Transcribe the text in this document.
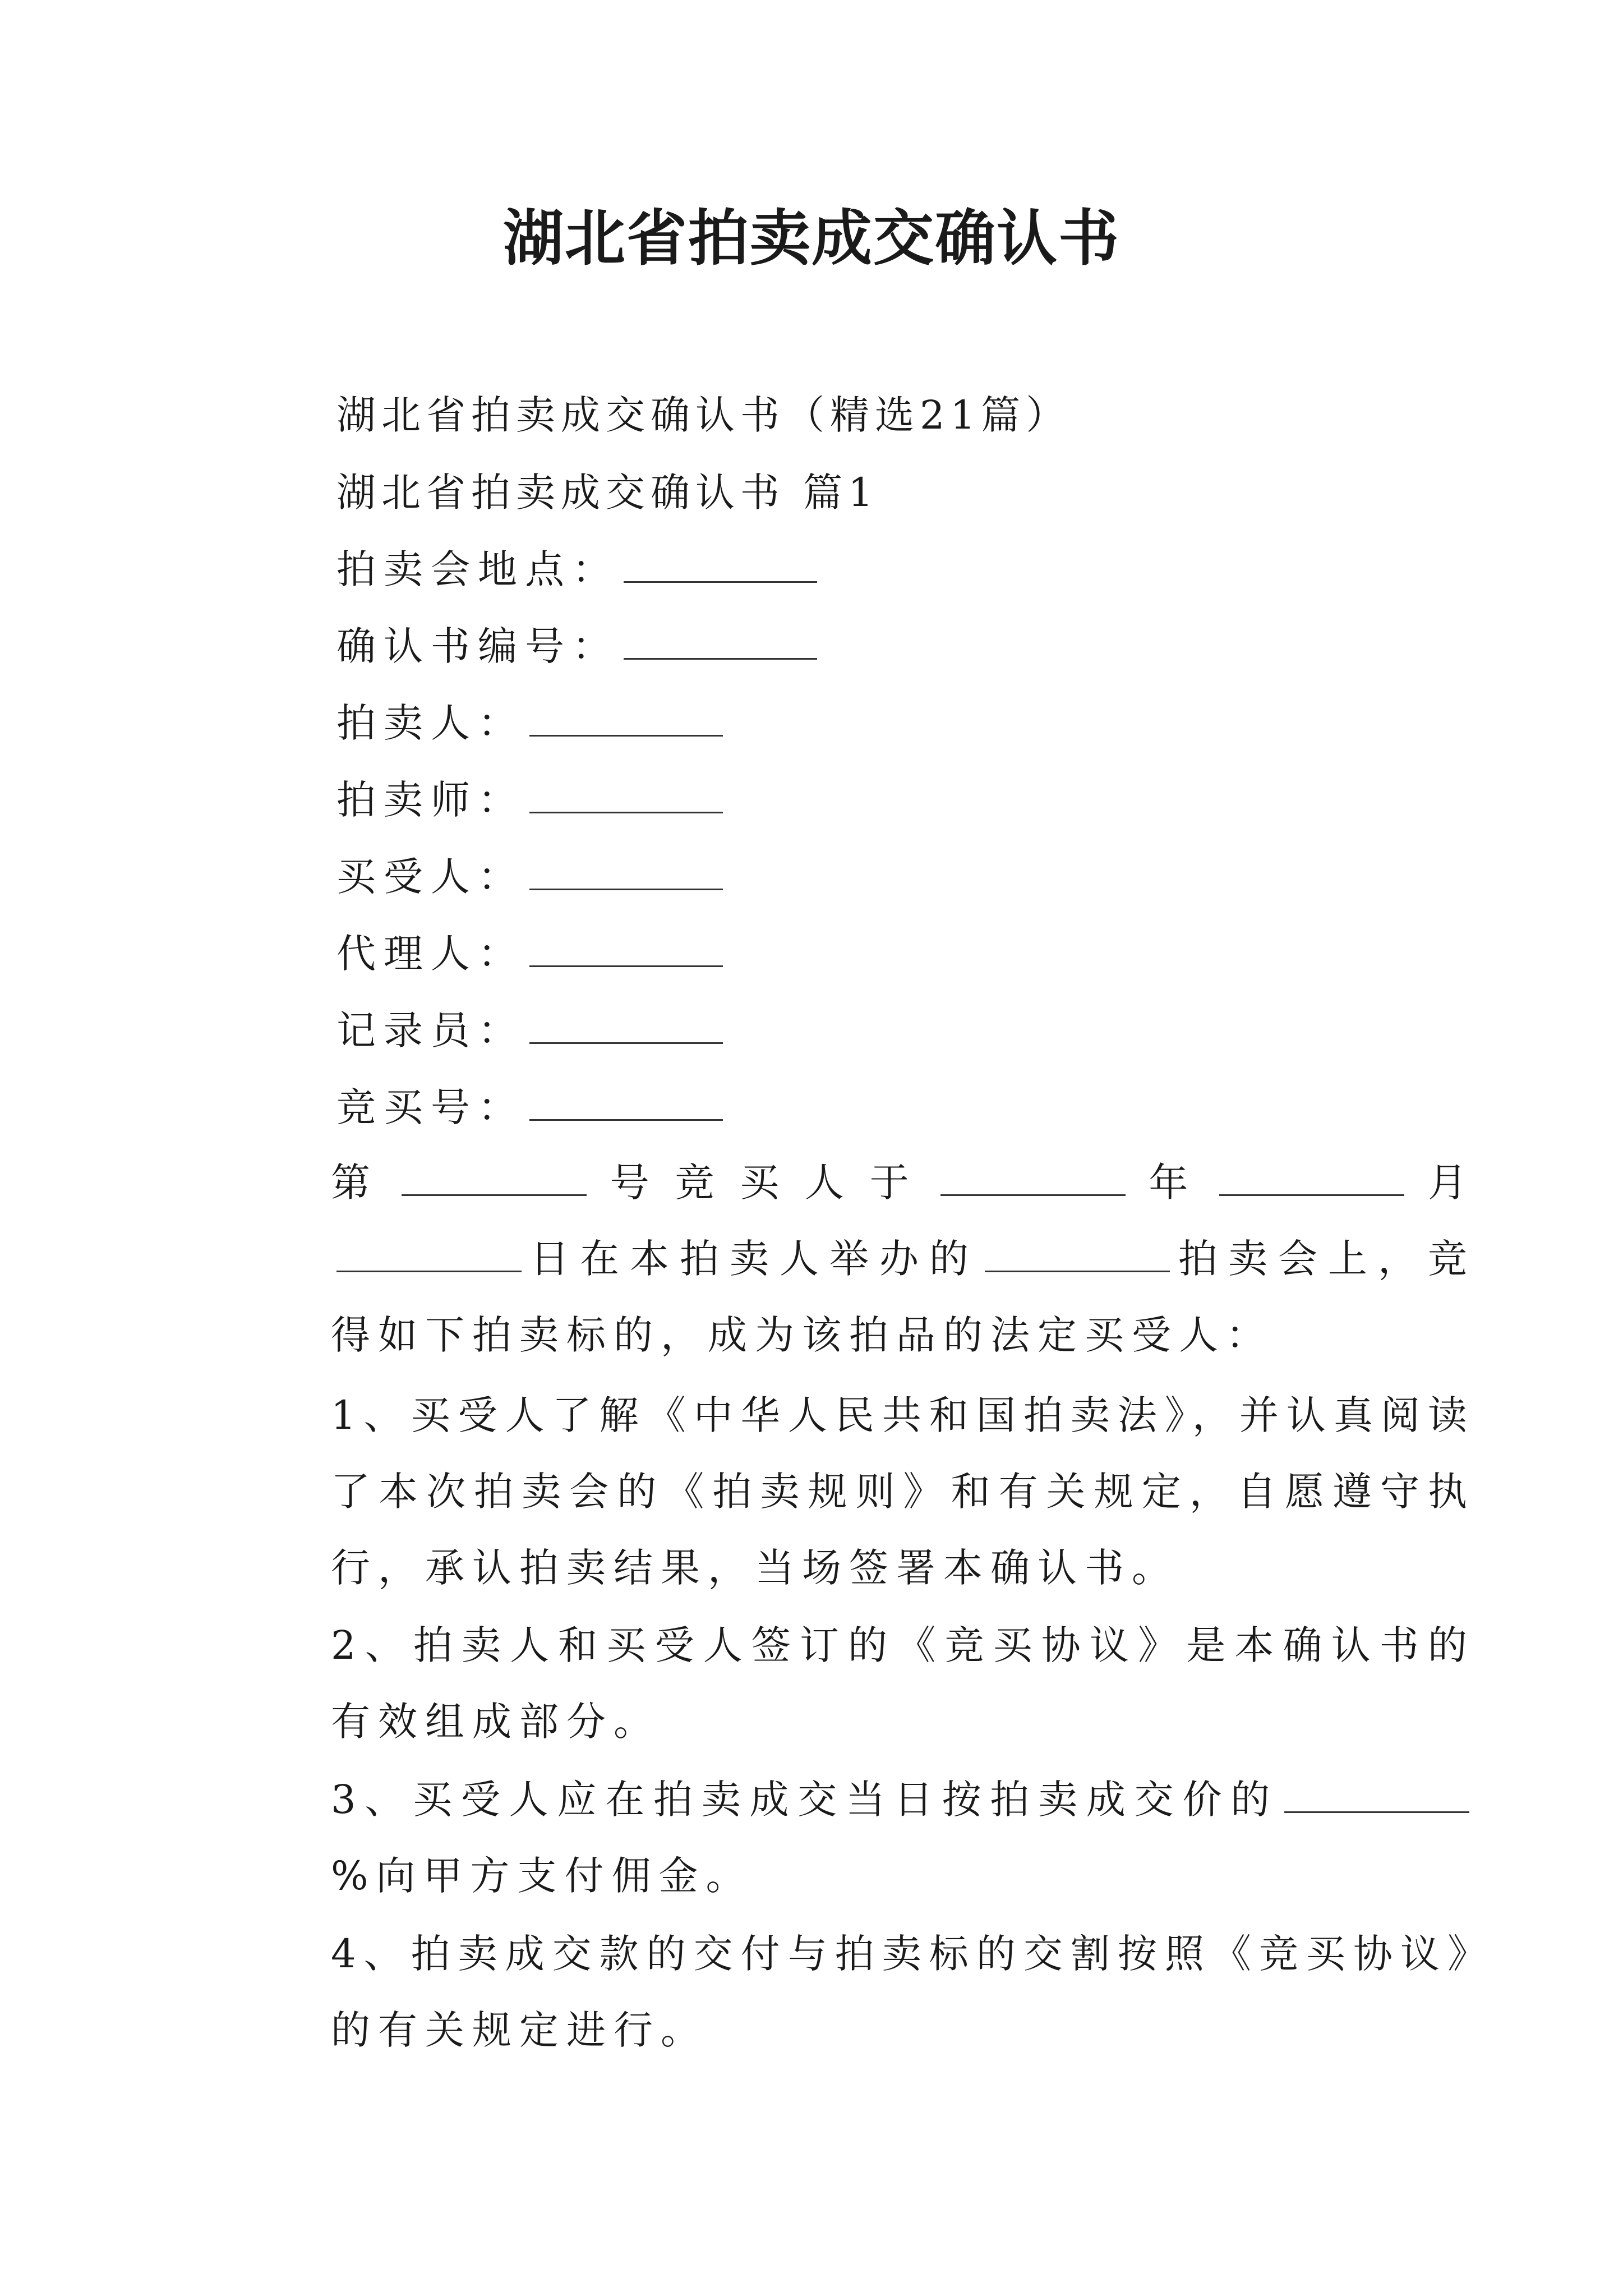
湖北省拍卖成交确认书
湖北省拍卖成交确认书（精选21篇）
湖北省拍卖成交确认书 篇1
拍卖会地点：
确认书编号：
拍卖人：
拍卖师：
买受人：
代理人：
记录员：
竞买号：
第	号竞买人于	年	月日在本拍卖人举办的	拍卖会上，竞得如下拍卖标的，成为该拍品的法定买受人：
1、买受人了解《中华人民共和国拍卖法》，并认真阅读了本次拍卖会的《拍卖规则》和有关规定，自愿遵守执行，承认拍卖结果，当场签署本确认书。
2、拍卖人和买受人签订的《竞买协议》是本确认书的有效组成部分。
3、买受人应在拍卖成交当日按拍卖成交价的%向甲方支付佣金。
4、拍卖成交款的交付与拍卖标的交割按照《竞买协议》的有关规定进行。
